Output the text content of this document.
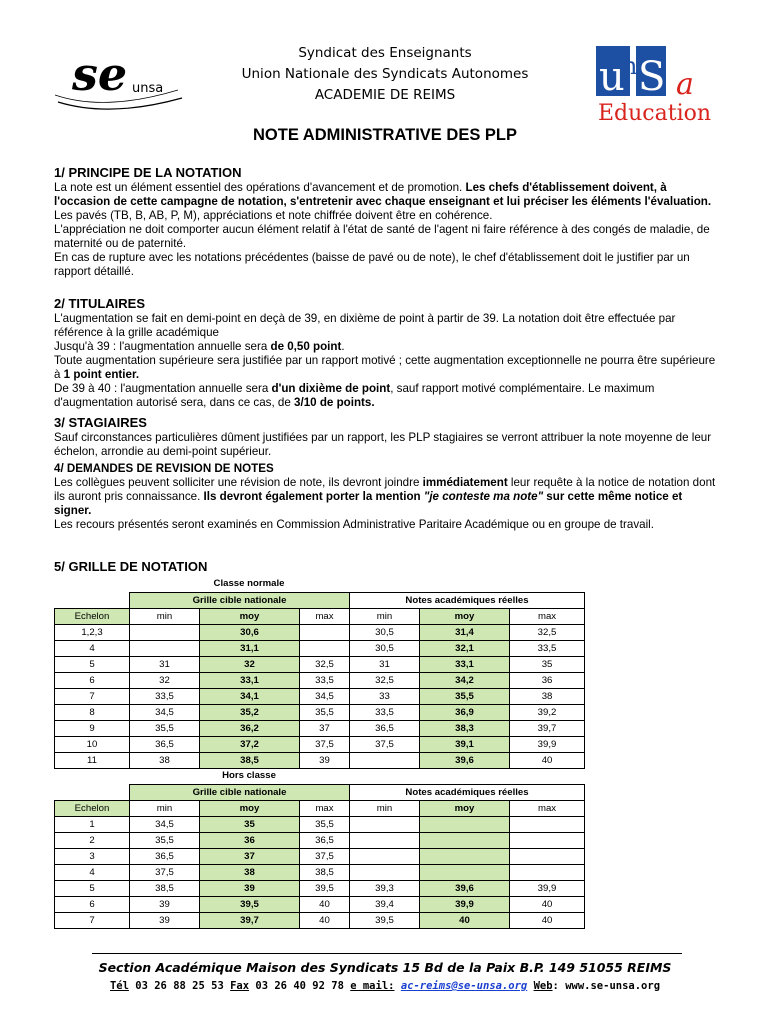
se unsa	u
n S a
Education
Syndicat des Enseignants
Union Nationale des Syndicats Autonomes
ACADEMIE DE REIMS
NOTE ADMINISTRATIVE DES PLP

1/ PRINCIPE DE LA NOTATION

La note est un élément essentiel des opérations d'avancement et de promotion. Les chefs d'établissement doivent, à l'occasion de cette campagne de notation, s'entretenir avec chaque enseignant et lui préciser les éléments l'évaluation.

Les pavés (TB, B, AB, P, M), appréciations et note chiffrée doivent être en cohérence.

L'appréciation ne doit comporter aucun élément relatif à l'état de santé de l'agent ni faire référence à des congés de maladie, de maternité ou de paternité.

En cas de rupture avec les notations précédentes (baisse de pavé ou de note), le chef d'établissement doit le justifier par un rapport détaillé.

2/ TITULAIRES

L'augmentation se fait en demi-point en deçà de 39, en dixième de point à partir de 39. La notation doit être effectuée par référence à la grille académique

Jusqu'à 39 : l'augmentation annuelle sera de 0,50 point.

Toute augmentation supérieure sera justifiée par un rapport motivé ; cette augmentation exceptionnelle ne pourra être supérieure à 1 point entier.

De 39 à 40 : l'augmentation annuelle sera d'un dixième de point, sauf rapport motivé complémentaire. Le maximum d'augmentation autorisé sera, dans ce cas, de 3/10 de points.

3/ STAGIAIRES

Sauf circonstances particulières dûment justifiées par un rapport, les PLP stagiaires se verront attribuer la note moyenne de leur échelon, arrondie au demi-point supérieur.

4/ DEMANDES DE REVISION DE NOTES

Les collègues peuvent solliciter une révision de note, ils devront joindre immédiatement leur requête à la notice de notation dont ils auront pris connaissance. Ils devront également porter la mention "je conteste ma note" sur cette même notice et signer.

Les recours présentés seront examinés en Commission Administrative Paritaire Académique ou en groupe de travail.

5/ GRILLE DE NOTATION

Classe normale
	Grille cible nationale			Notes académiques réelles		
Echelon	min	moy	max	min	moy	max
1,2,3		30,6		30,5	31,4	32,5
4		31,1		30,5	32,1	33,5
5	31	32	32,5	31	33,1	35
6	32	33,1	33,5	32,5	34,2	36
7	33,5	34,1	34,5	33	35,5	38
8	34,5	35,2	35,5	33,5	36,9	39,2
9	35,5	36,2	37	36,5	38,3	39,7
10	36,5	37,2	37,5	37,5	39,1	39,9
11	38	38,5	39		39,6	40
Hors classe
	Grille cible nationale			Notes académiques réelles		
Echelon	min	moy	max	min	moy	max
1	34,5	35	35,5			
2	35,5	36	36,5			
3	36,5	37	37,5			
4	37,5	38	38,5			
5	38,5	39	39,5	39,3	39,6	39,9
6	39	39,5	40	39,4	39,9	40
7	39	39,7	40	39,5	40	40
Section Académique Maison des Syndicats 15 Bd de la Paix B.P. 149 51055 REIMS
Tél 03 26 88 25 53 Fax 03 26 40 92 78 e mail: ac-reims@se-unsa.org Web: www.se-unsa.org
